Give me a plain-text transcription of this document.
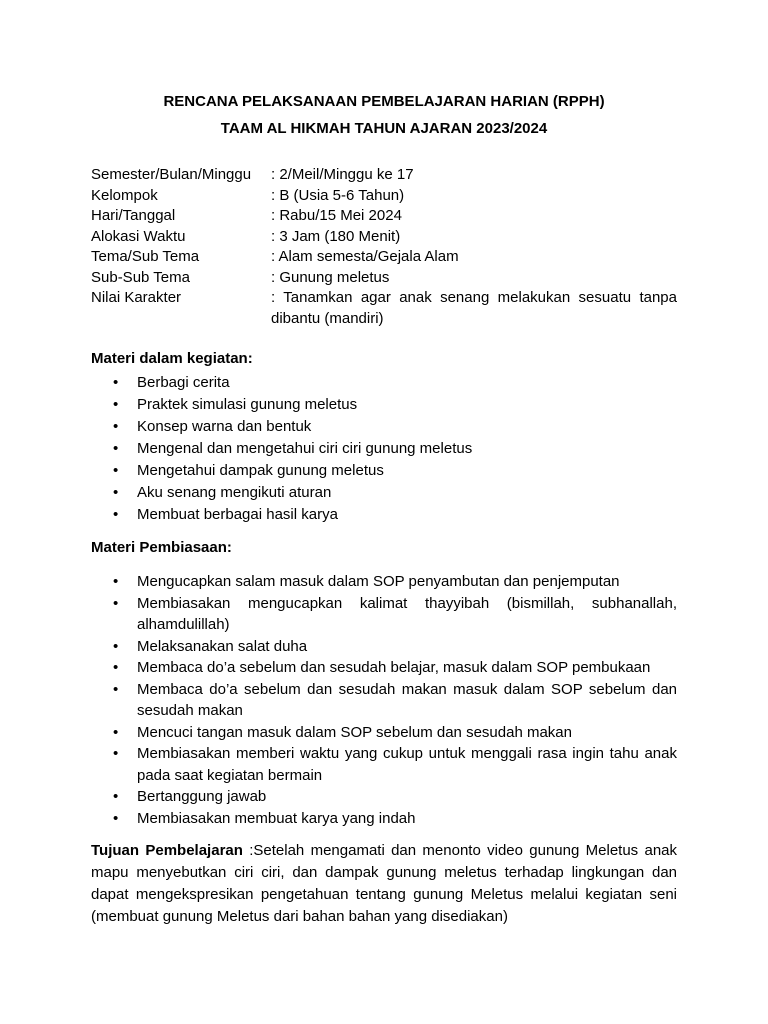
RENCANA PELAKSANAAN PEMBELAJARAN HARIAN (RPPH)
TAAM AL HIKMAH TAHUN AJARAN 2023/2024
Semester/Bulan/Minggu	: 2/Meil/Minggu ke 17
Kelompok	: B (Usia 5-6 Tahun)
Hari/Tanggal	: Rabu/15 Mei 2024
Alokasi Waktu	: 3 Jam (180 Menit)
Tema/Sub Tema	: Alam semesta/Gejala Alam
Sub-Sub Tema	: Gunung meletus
Nilai Karakter	: Tanamkan agar anak senang melakukan sesuatu tanpa dibantu (mandiri)
Materi dalam kegiatan:
• Berbagi cerita
• Praktek simulasi gunung meletus
• Konsep warna dan bentuk
• Mengenal dan mengetahui ciri ciri gunung meletus
• Mengetahui dampak gunung meletus
• Aku senang mengikuti aturan
• Membuat berbagai hasil karya
Materi Pembiasaan:
• Mengucapkan salam masuk dalam SOP penyambutan dan penjemputan
• Membiasakan mengucapkan kalimat thayyibah (bismillah, subhanallah, alhamdulillah)
• Melaksanakan salat duha
• Membaca do’a sebelum dan sesudah belajar, masuk dalam SOP pembukaan
• Membaca do’a sebelum dan sesudah makan masuk dalam SOP sebelum dan sesudah makan
• Mencuci tangan masuk dalam SOP sebelum dan sesudah makan
• Membiasakan memberi waktu yang cukup untuk menggali rasa ingin tahu anak pada saat kegiatan bermain
• Bertanggung jawab
• Membiasakan membuat karya yang indah
Tujuan Pembelajaran :Setelah mengamati dan menonto video gunung Meletus anak mapu menyebutkan ciri ciri, dan dampak gunung meletus terhadap lingkungan dan dapat mengekspresikan pengetahuan tentang gunung Meletus melalui kegiatan seni (membuat gunung Meletus dari bahan bahan yang disediakan)
